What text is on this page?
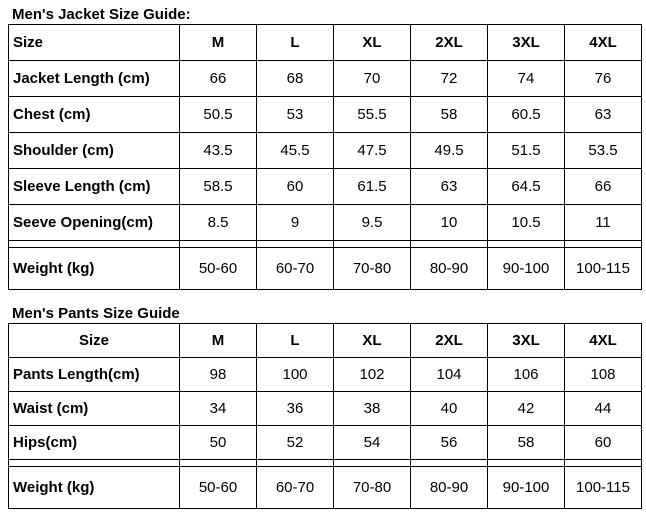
Men's Jacket Size Guide:
Size	M	L	XL	2XL	3XL	4XL
Jacket Length (cm)	66	68	70	72	74	76
Chest (cm)	50.5	53	55.5	58	60.5	63
Shoulder (cm)	43.5	45.5	47.5	49.5	51.5	53.5
Sleeve Length (cm)	58.5	60	61.5	63	64.5	66
Seeve Opening(cm)	8.5	9	9.5	10	10.5	11

Weight (kg)	50-60	60-70	70-80	80-90	90-100	100-115
Men's Pants Size Guide
Size	M	L	XL	2XL	3XL	4XL
Pants Length(cm)	98	100	102	104	106	108
Waist (cm)	34	36	38	40	42	44
Hips(cm)	50	52	54	56	58	60

Weight (kg)	50-60	60-70	70-80	80-90	90-100	100-115
